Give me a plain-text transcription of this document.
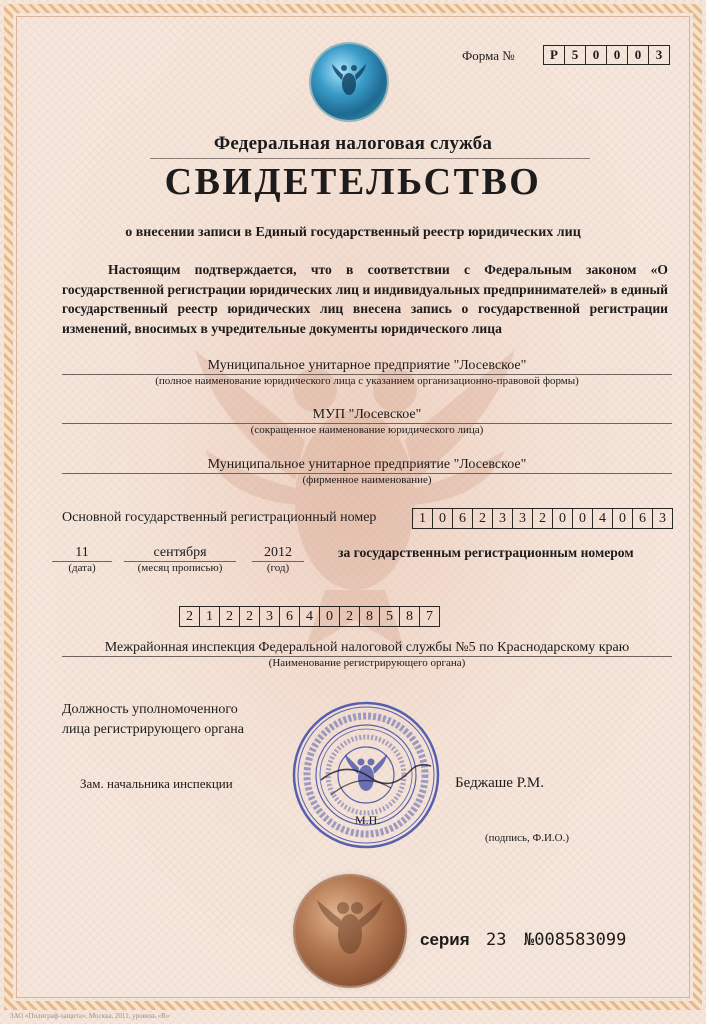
Форма №	Р	5	0	0	0	3
Федеральная налоговая служба
СВИДЕТЕЛЬСТВО
о внесении записи в Единый государственный реестр юридических лиц
Настоящим подтверждается, что в соответствии с Федеральным законом «О государственной регистрации юридических лиц и индивидуальных предпринимателей» в единый государственный реестр юридических лиц внесена запись о государственной регистрации изменений, вносимых в учредительные документы юридического лица
Муниципальное унитарное предприятие "Лосевское"
(полное наименование юридического лица с указанием организационно-правовой формы)
МУП "Лосевское"
(сокращенное наименование юридического лица)
Муниципальное унитарное предприятие "Лосевское"
(фирменное наименование)
Основной государственный регистрационный номер	1 0 6 2 3 3 2 0 0 4 0 6 3
11
(дата)
сентября
(месяц прописью)
2012
(год)
за государственным регистрационным номером
2 1 2 2 3 6 4 0 2 8 5 8 7
Межрайонная инспекция Федеральной налоговой службы №5 по Краснодарскому краю
(Наименование регистрирующего органа)
Должность уполномоченного
лица регистрирующего органа
Зам. начальника инспекции
М.П.
Беджаше Р.М.
(подпись, Ф.И.О.)
серия 23 №008583099
ЗАО «Полиграф-защита», Москва, 2011, уровень «В»
